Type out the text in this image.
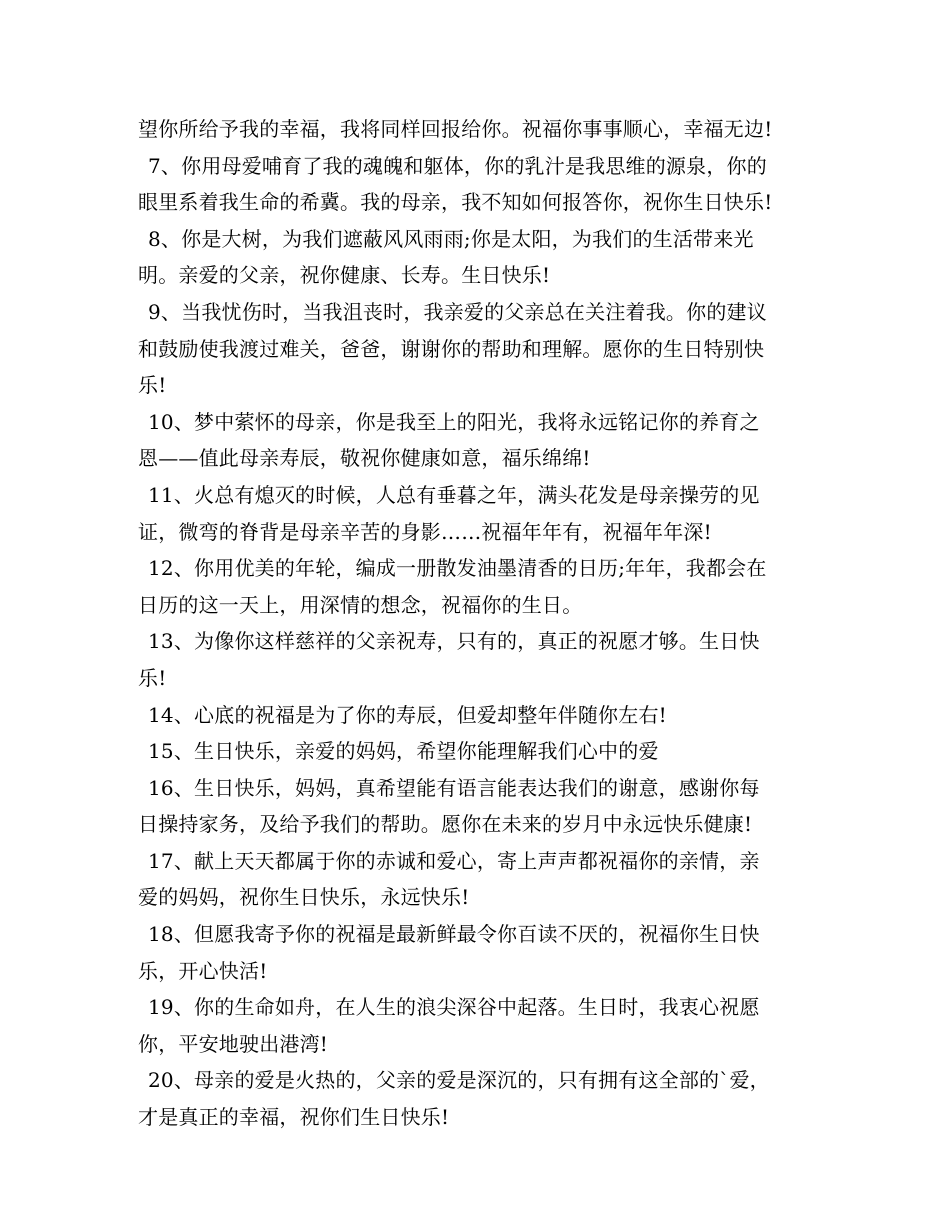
望你所给予我的幸福，我将同样回报给你。祝福你事事顺心，幸福无边!

7、你用母爱哺育了我的魂魄和躯体，你的乳汁是我思维的源泉，你的
眼里系着我生命的希冀。我的母亲，我不知如何报答你，祝你生日快乐!

8、你是大树，为我们遮蔽风风雨雨;你是太阳，为我们的生活带来光
明。亲爱的父亲，祝你健康、长寿。生日快乐!

9、当我忧伤时，当我沮丧时，我亲爱的父亲总在关注着我。你的建议
和鼓励使我渡过难关，爸爸，谢谢你的帮助和理解。愿你的生日特别快
乐!

10、梦中萦怀的母亲，你是我至上的阳光，我将永远铭记你的养育之
恩——值此母亲寿辰，敬祝你健康如意，福乐绵绵!

11、火总有熄灭的时候，人总有垂暮之年，满头花发是母亲操劳的见
证，微弯的脊背是母亲辛苦的身影……祝福年年有，祝福年年深!

12、你用优美的年轮，编成一册散发油墨清香的日历;年年，我都会在
日历的这一天上，用深情的想念，祝福你的生日。

13、为像你这样慈祥的父亲祝寿，只有的，真正的祝愿才够。生日快
乐!

14、心底的祝福是为了你的寿辰，但爱却整年伴随你左右!

15、生日快乐，亲爱的妈妈，希望你能理解我们心中的爱

16、生日快乐，妈妈，真希望能有语言能表达我们的谢意，感谢你每
日操持家务，及给予我们的帮助。愿你在未来的岁月中永远快乐健康!

17、献上天天都属于你的赤诚和爱心，寄上声声都祝福你的亲情，亲
爱的妈妈，祝你生日快乐，永远快乐!

18、但愿我寄予你的祝福是最新鲜最令你百读不厌的，祝福你生日快
乐，开心快活!

19、你的生命如舟，在人生的浪尖深谷中起落。生日时，我衷心祝愿
你，平安地驶出港湾!

20、母亲的爱是火热的，父亲的爱是深沉的，只有拥有这全部的`爱，
才是真正的幸福，祝你们生日快乐!
